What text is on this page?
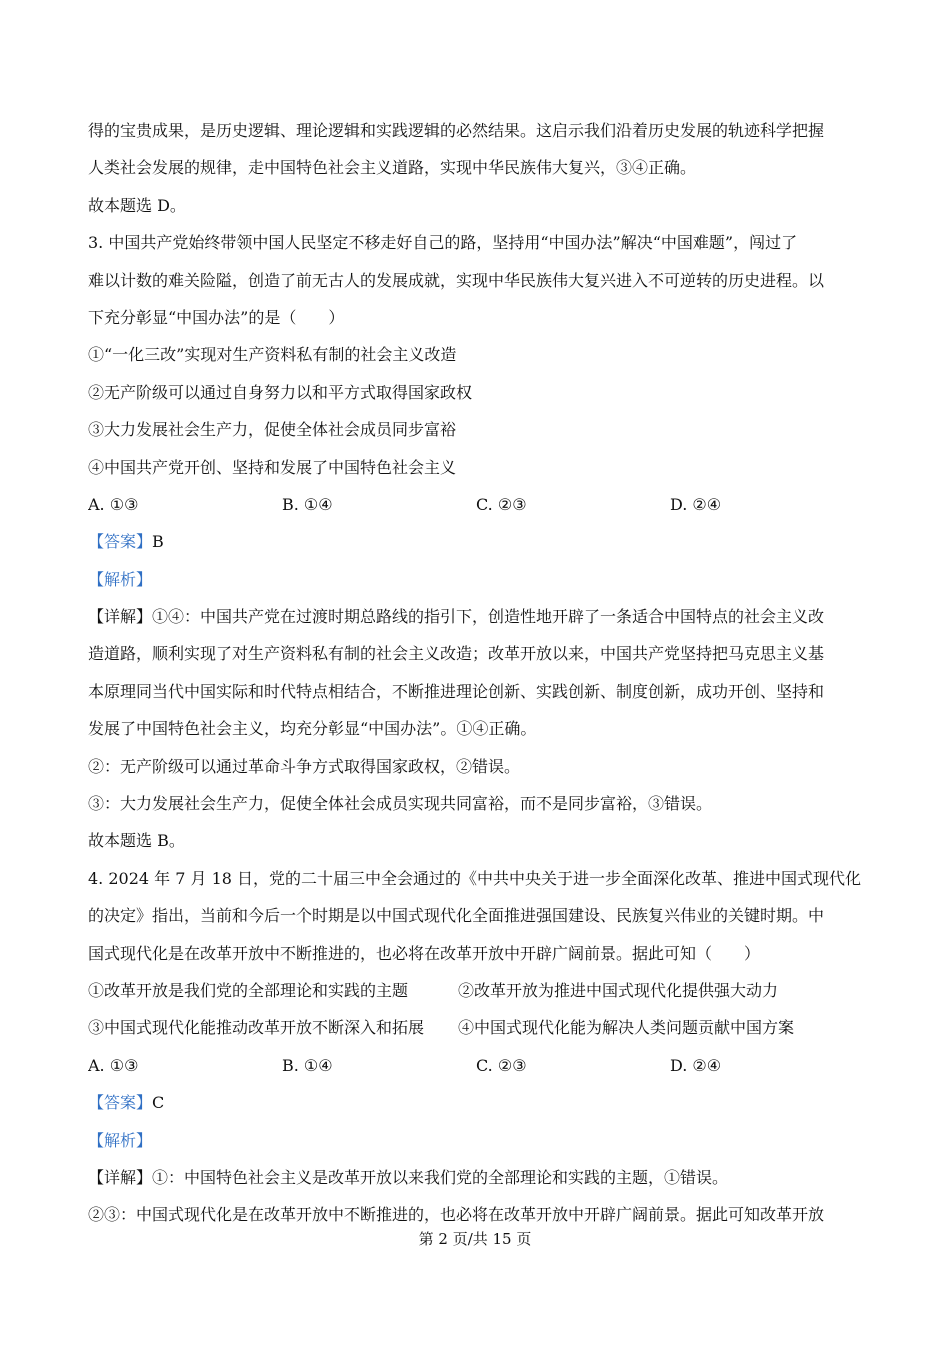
得的宝贵成果，是历史逻辑、理论逻辑和实践逻辑的必然结果。这启示我们沿着历史发展的轨迹科学把握
人类社会发展的规律，走中国特色社会主义道路，实现中华民族伟大复兴，③④正确。
故本题选 D。
3. 中国共产党始终带领中国人民坚定不移走好自己的路，坚持用“中国办法”解决“中国难题”，闯过了
难以计数的难关险隘，创造了前无古人的发展成就，实现中华民族伟大复兴进入不可逆转的历史进程。以
下充分彰显“中国办法”的是（　　）
①“一化三改”实现对生产资料私有制的社会主义改造
②无产阶级可以通过自身努力以和平方式取得国家政权
③大力发展社会生产力，促使全体社会成员同步富裕
④中国共产党开创、坚持和发展了中国特色社会主义
A. ①③	B. ①④	C. ②③	D. ②④
【答案】B
【解析】
【详解】①④：中国共产党在过渡时期总路线的指引下，创造性地开辟了一条适合中国特点的社会主义改
造道路，顺利实现了对生产资料私有制的社会主义改造；改革开放以来，中国共产党坚持把马克思主义基
本原理同当代中国实际和时代特点相结合，不断推进理论创新、实践创新、制度创新，成功开创、坚持和
发展了中国特色社会主义，均充分彰显“中国办法”。①④正确。
②：无产阶级可以通过革命斗争方式取得国家政权，②错误。
③：大力发展社会生产力，促使全体社会成员实现共同富裕，而不是同步富裕，③错误。
故本题选 B。
4. 2024 年 7 月 18 日，党的二十届三中全会通过的《中共中央关于进一步全面深化改革、推进中国式现代化
的决定》指出，当前和今后一个时期是以中国式现代化全面推进强国建设、民族复兴伟业的关键时期。中
国式现代化是在改革开放中不断推进的，也必将在改革开放中开辟广阔前景。据此可知（　　）
①改革开放是我们党的全部理论和实践的主题	②改革开放为推进中国式现代化提供强大动力
③中国式现代化能推动改革开放不断深入和拓展	④中国式现代化能为解决人类问题贡献中国方案
A. ①③	B. ①④	C. ②③	D. ②④
【答案】C
【解析】
【详解】①：中国特色社会主义是改革开放以来我们党的全部理论和实践的主题，①错误。
②③：中国式现代化是在改革开放中不断推进的，也必将在改革开放中开辟广阔前景。据此可知改革开放
第 2 页/共 15 页
